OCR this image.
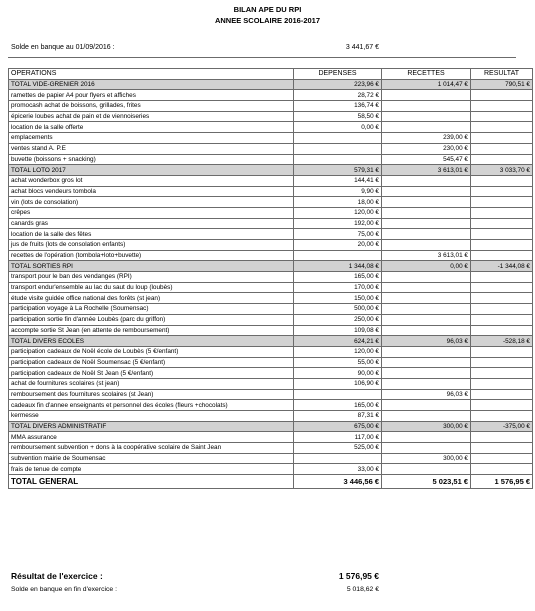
BILAN APE DU RPI
ANNEE SCOLAIRE 2016-2017
Solde en banque au 01/09/2016 :	3 441,67 €
OPERATIONS	DEPENSES	RECETTES	RESULTAT
TOTAL VIDE-GRENIER 2016	223,96 €	1 014,47 €	790,51 €
ramettes de papier A4 pour flyers et affiches	28,72 €		
promocash achat de boissons, grillades, frites	136,74 €		
épicerie loubes achat de pain et de viennoiseries	58,50 €		
location de la salle offerte	0,00 €		
emplacements		239,00 €	
ventes stand A. P.E		230,00 €	
buvette (boissons + snacking)		545,47 €	
TOTAL LOTO 2017	579,31 €	3 613,01 €	3 033,70 €
achat wonderbox gros lot	144,41 €		
achat blocs vendeurs tombola	9,90 €		
vin (lots de consolation)	18,00 €		
crêpes	120,00 €		
canards gras	192,00 €		
location de la salle des fêtes	75,00 €		
jus de fruits (lots de consolation enfants)	20,00 €		
recettes de l'opération (tombola+loto+buvette)		3 613,01 €	
TOTAL SORTIES RPI	1 344,08 €	0,00 €	-1 344,08 €
transport pour le ban des vendanges (RPI)	165,00 €		
transport endur'ensemble au lac du saut du loup (loubès)	170,00 €		
étude visite guidée office national des forêts (st jean)	150,00 €		
participation voyage à La Rochelle (Soumensac)	500,00 €		
participation sortie fin d'année Loubès (parc du griffon)	250,00 €		
accompte sortie St Jean (en attente de remboursement)	109,08 €		
TOTAL DIVERS ECOLES	624,21 €	96,03 €	-528,18 €
participation cadeaux de Noël école de Loubès (5 €/enfant)	120,00 €		
participation cadeaux de Noël Soumensac (5 €/enfant)	55,00 €		
participation cadeaux de Noël St Jean (5 €/enfant)	90,00 €		
achat de fournitures scolaires (st jean)	106,90 €		
remboursement des fournitures scolaires (st Jean)		96,03 €	
cadeaux fin d'annee enseignants et personnel des écoles (fleurs +chocolats)	165,00 €		
kermesse	87,31 €		
TOTAL DIVERS ADMINISTRATIF	675,00 €	300,00 €	-375,00 €
MMA assurance	117,00 €		
remboursement subvention + dons à la coopérative scolaire de Saint Jean	525,00 €		
subvention mairie de Soumensac		300,00 €	
frais de tenue de compte	33,00 €		
TOTAL GENERAL	3 446,56 €	5 023,51 €	1 576,95 €
Résultat de l'exercice :	1 576,95 €
Solde en banque en fin d'exercice :	5 018,62 €
